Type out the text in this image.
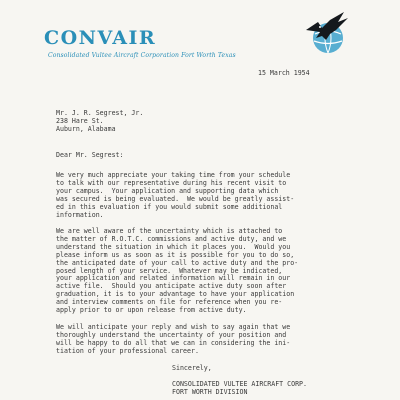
CONVAIR
Consolidated Vultee Aircraft Corporation Fort Worth Texas
15 March 1954
Mr. J. R. Segrest, Jr.
238 Hare St.
Auburn, Alabama
Dear Mr. Segrest:
We very much appreciate your taking time from your schedule
to talk with our representative during his recent visit to
your campus.  Your application and supporting data which
was secured is being evaluated.  We would be greatly assist-
ed in this evaluation if you would submit some additional
information.
We are well aware of the uncertainty which is attached to
the matter of R.O.T.C. commissions and active duty, and we
understand the situation in which it places you.  Would you
please inform us as soon as it is possible for you to do so,
the anticipated date of your call to active duty and the pro-
posed length of your service.  Whatever may be indicated,
your application and related information will remain in our
active file.  Should you anticipate active duty soon after
graduation, it is to your advantage to have your application
and interview comments on file for reference when you re-
apply prior to or upon release from active duty.
We will anticipate your reply and wish to say again that we
thoroughly understand the uncertainty of your position and
will be happy to do all that we can in considering the ini-
tiation of your professional career.
Sincerely,
CONSOLIDATED VULTEE AIRCRAFT CORP.
FORT WORTH DIVISION
